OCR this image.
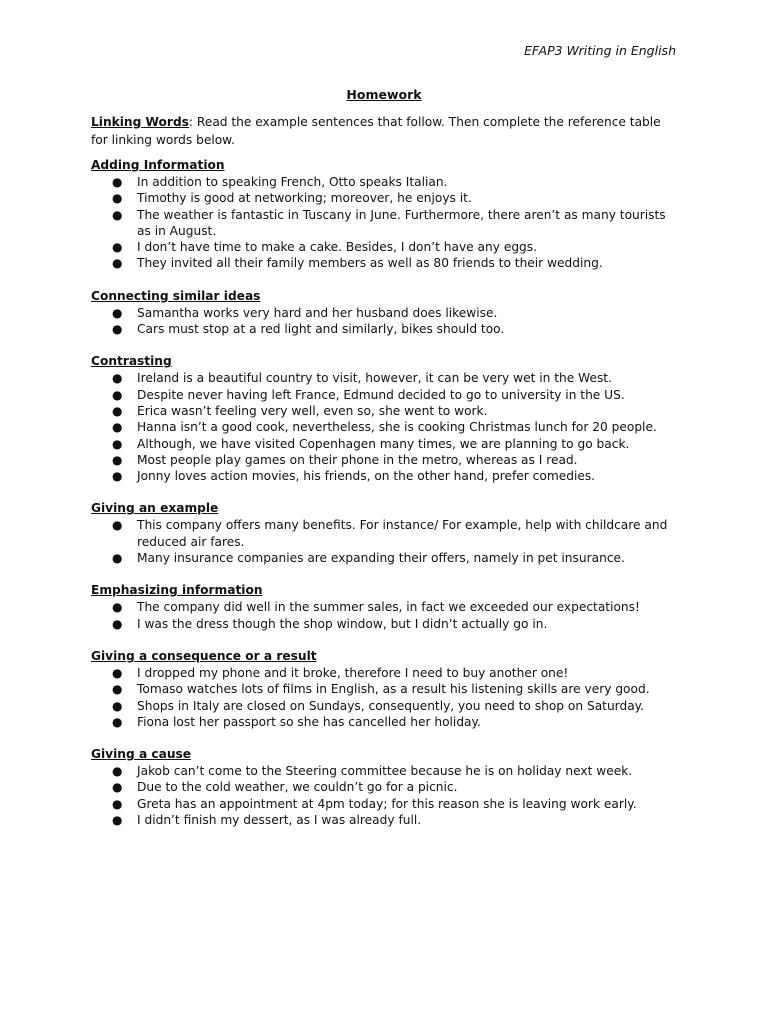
EFAP3 Writing in English
Homework
Linking Words: Read the example sentences that follow. Then complete the reference table for linking words below.
Adding Information
● In addition to speaking French, Otto speaks Italian.
● Timothy is good at networking; moreover, he enjoys it.
● The weather is fantastic in Tuscany in June. Furthermore, there aren’t as many tourists as in August.
● I don’t have time to make a cake. Besides, I don’t have any eggs.
● They invited all their family members as well as 80 friends to their wedding.
Connecting similar ideas
● Samantha works very hard and her husband does likewise.
● Cars must stop at a red light and similarly, bikes should too.
Contrasting
● Ireland is a beautiful country to visit, however, it can be very wet in the West.
● Despite never having left France, Edmund decided to go to university in the US.
● Erica wasn’t feeling very well, even so, she went to work.
● Hanna isn’t a good cook, nevertheless, she is cooking Christmas lunch for 20 people.
● Although, we have visited Copenhagen many times, we are planning to go back.
● Most people play games on their phone in the metro, whereas as I read.
● Jonny loves action movies, his friends, on the other hand, prefer comedies.
Giving an example
● This company offers many benefits. For instance/ For example, help with childcare and reduced air fares.
● Many insurance companies are expanding their offers, namely in pet insurance.
Emphasizing information
● The company did well in the summer sales, in fact we exceeded our expectations!
● I was the dress though the shop window, but I didn’t actually go in.
Giving a consequence or a result
● I dropped my phone and it broke, therefore I need to buy another one!
● Tomaso watches lots of films in English, as a result his listening skills are very good.
● Shops in Italy are closed on Sundays, consequently, you need to shop on Saturday.
● Fiona lost her passport so she has cancelled her holiday.
Giving a cause
● Jakob can’t come to the Steering committee because he is on holiday next week.
● Due to the cold weather, we couldn’t go for a picnic.
● Greta has an appointment at 4pm today; for this reason she is leaving work early.
● I didn’t finish my dessert, as I was already full.
